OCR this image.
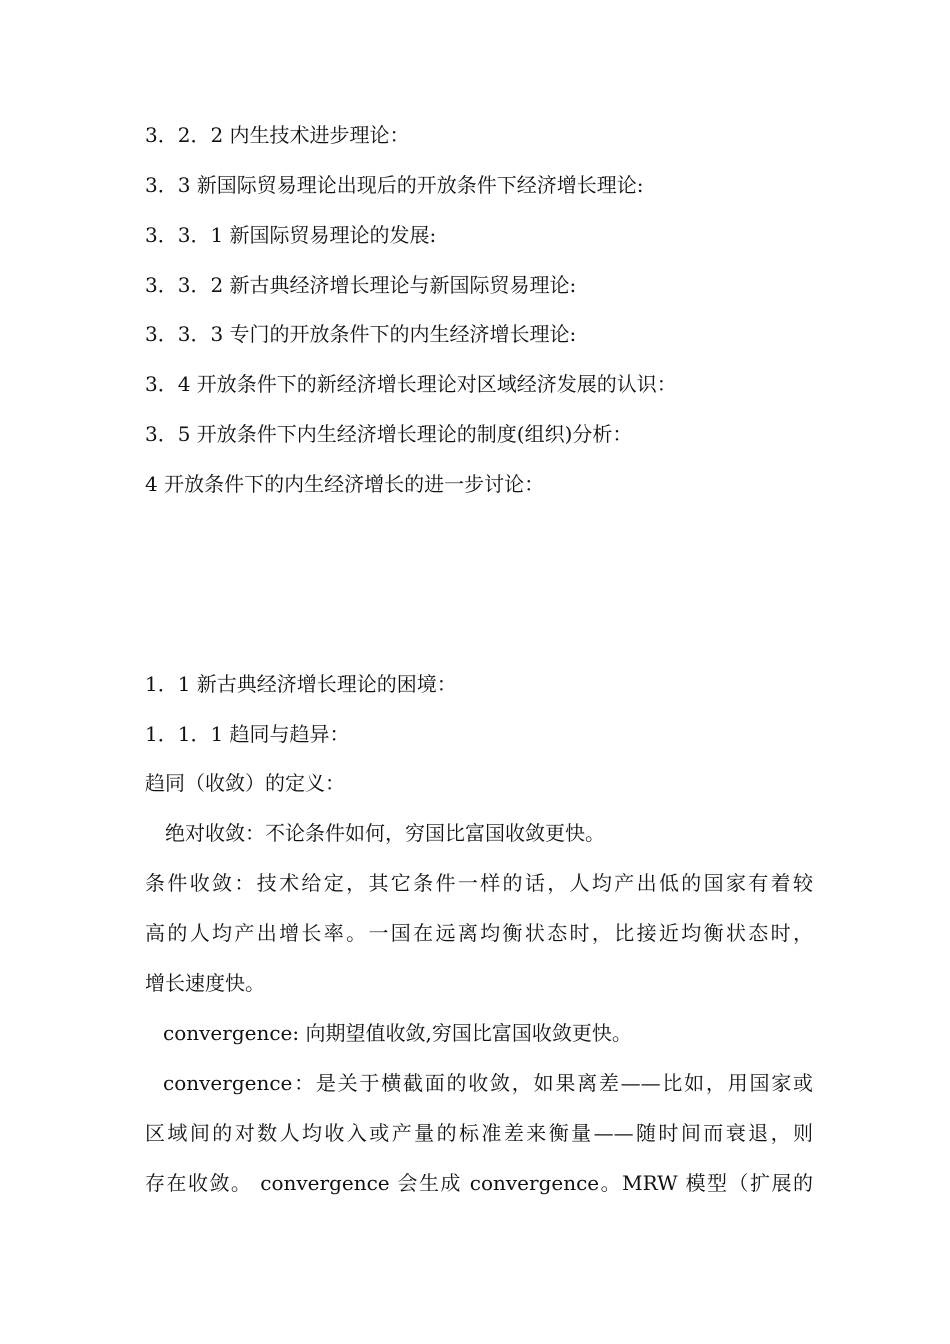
3．2．2 内生技术进步理论：
3．3 新国际贸易理论出现后的开放条件下经济增长理论:
3．3．1 新国际贸易理论的发展:
3．3．2 新古典经济增长理论与新国际贸易理论:
3．3．3 专门的开放条件下的内生经济增长理论:
3．4 开放条件下的新经济增长理论对区域经济发展的认识：
3．5 开放条件下内生经济增长理论的制度(组织)分析：
4 开放条件下的内生经济增长的进一步讨论：
1．1 新古典经济增长理论的困境：
1．1．1 趋同与趋异：
趋同（收敛）的定义：
绝对收敛：不论条件如何，穷国比富国收敛更快。
条件收敛：技术给定，其它条件一样的话，人均产出低的国家有着较
高的人均产出增长率。一国在远离均衡状态时，比接近均衡状态时，
增长速度快。
convergence: 向期望值收敛,穷国比富国收敛更快。
convergence：是关于横截面的收敛，如果离差——比如，用国家或
区域间的对数人均收入或产量的标准差来衡量——随时间而衰退，则
存在收敛。 convergence 会生成 convergence。MRW 模型（扩展的
